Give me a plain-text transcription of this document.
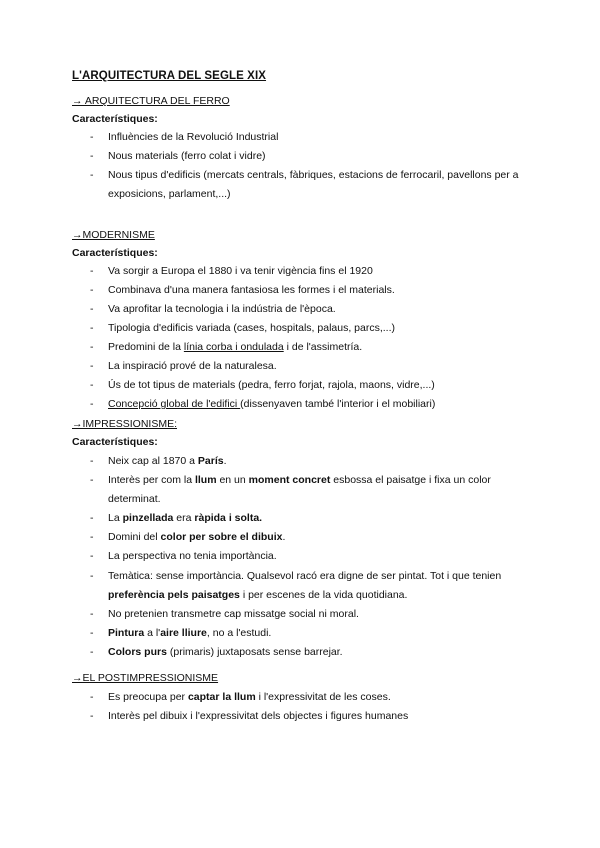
L'ARQUITECTURA DEL SEGLE XIX
→ ARQUITECTURA DEL FERRO
Característiques:
-	Influències de la Revolució Industrial
-	Nous materials (ferro colat i vidre)
-	Nous tipus d'edificis (mercats centrals, fàbriques, estacions de ferrocaril, pavellons per a exposicions, parlament,...)
→MODERNISME
Característiques:
-	Va sorgir a Europa el 1880 i va tenir vigència fins el 1920
-	Combinava d'una manera fantasiosa les formes i el materials.
-	Va aprofitar la tecnologia i la indústria de l'època.
-	Tipologia d'edificis variada (cases, hospitals, palaus, parcs,...)
-	Predomini de la línia corba i ondulada i de l'assimetría.
-	La inspiració prové de la naturalesa.
-	Ús de tot tipus de materials (pedra, ferro forjat, rajola, maons, vidre,...)
-	Concepció global de l'edifici (dissenyaven també l'interior i el mobiliari)
→IMPRESSIONISME:
Característiques:
-	Neix cap al 1870 a París.
-	Interès per com la llum en un moment concret esbossa el paisatge i fixa un color determinat.
-	La pinzellada era ràpida i solta.
-	Domini del color per sobre el dibuix.
-	La perspectiva no tenia importància.
-	Temàtica: sense importància. Qualsevol racó era digne de ser pintat. Tot i que tenien preferència pels paisatges i per escenes de la vida quotidiana.
-	No pretenien transmetre cap missatge social ni moral.
-	Pintura a l'aire lliure, no a l'estudi.
-	Colors purs (primaris) juxtaposats sense barrejar.
→EL POSTIMPRESSIONISME
-	Es preocupa per captar la llum i l'expressivitat de les coses.
-	Interès pel dibuix i l'expressivitat dels objectes i figures humanes
